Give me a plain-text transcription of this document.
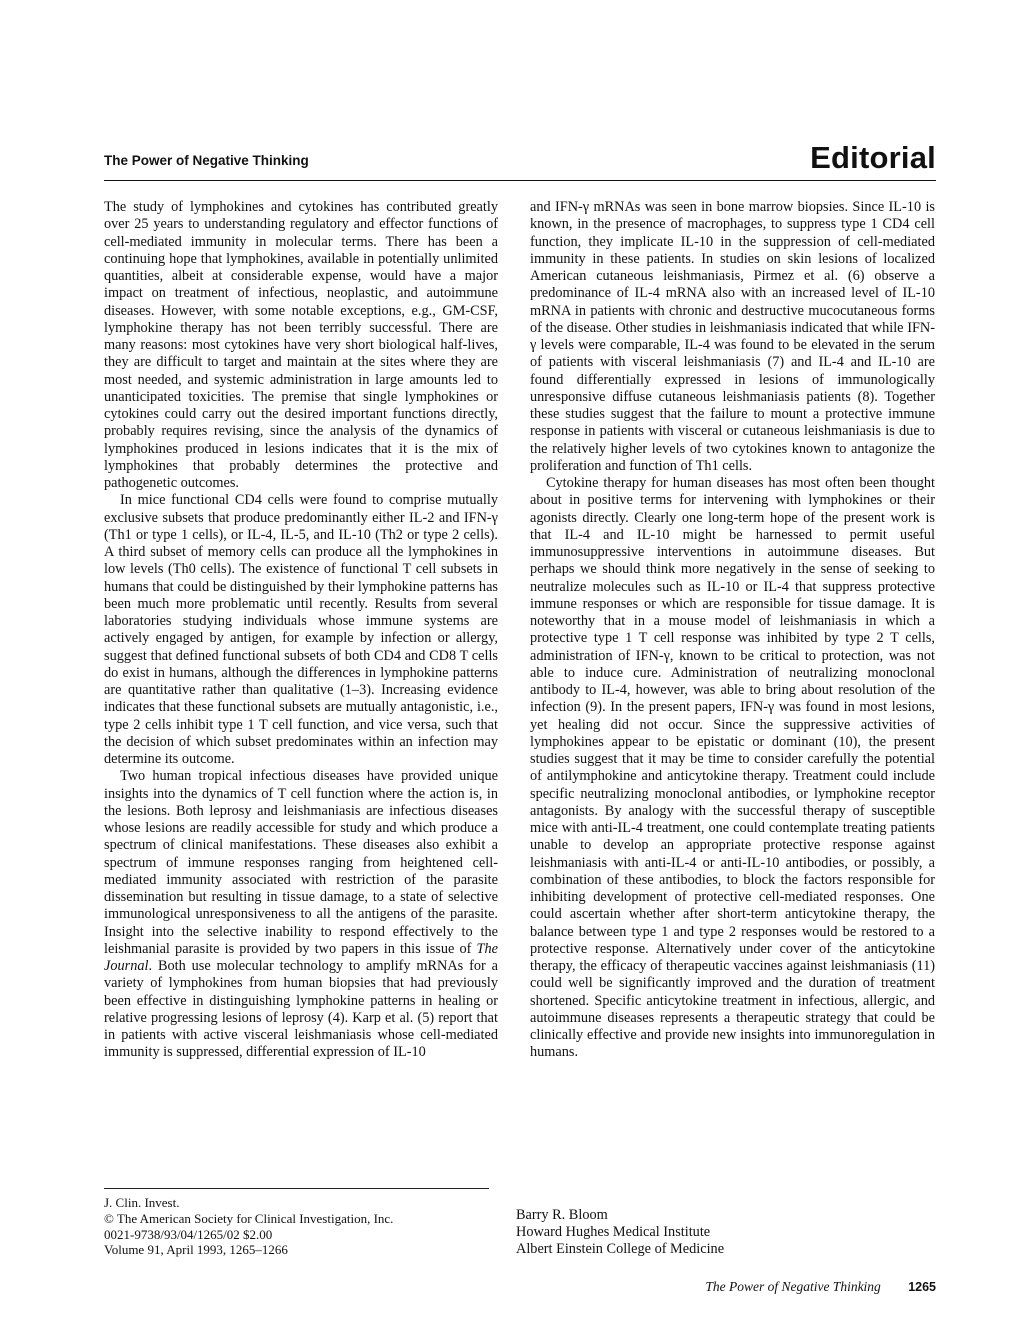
The Power of Negative Thinking	Editorial

The study of lymphokines and cytokines has contributed greatly over 25 years to understanding regulatory and effector functions of cell-mediated immunity in molecular terms. There has been a continuing hope that lymphokines, available in potentially unlimited quantities, albeit at considerable expense, would have a major impact on treatment of infectious, neoplastic, and autoimmune diseases. However, with some notable exceptions, e.g., GM-CSF, lymphokine therapy has not been terribly successful. There are many reasons: most cytokines have very short biological half-lives, they are difficult to target and maintain at the sites where they are most needed, and systemic administration in large amounts led to unanticipated toxicities. The premise that single lymphokines or cytokines could carry out the desired important functions directly, probably requires revising, since the analysis of the dynamics of lymphokines produced in lesions indicates that it is the mix of lymphokines that probably determines the protective and pathogenetic outcomes.

In mice functional CD4 cells were found to comprise mutually exclusive subsets that produce predominantly either IL-2 and IFN-γ (Th1 or type 1 cells), or IL-4, IL-5, and IL-10 (Th2 or type 2 cells). A third subset of memory cells can produce all the lymphokines in low levels (Th0 cells). The existence of functional T cell subsets in humans that could be distinguished by their lymphokine patterns has been much more problematic until recently. Results from several laboratories studying individuals whose immune systems are actively engaged by antigen, for example by infection or allergy, suggest that defined functional subsets of both CD4 and CD8 T cells do exist in humans, although the differences in lymphokine patterns are quantitative rather than qualitative (1–3). Increasing evidence indicates that these functional subsets are mutually antagonistic, i.e., type 2 cells inhibit type 1 T cell function, and vice versa, such that the decision of which subset predominates within an infection may determine its outcome.

Two human tropical infectious diseases have provided unique insights into the dynamics of T cell function where the action is, in the lesions. Both leprosy and leishmaniasis are infectious diseases whose lesions are readily accessible for study and which produce a spectrum of clinical manifestations. These diseases also exhibit a spectrum of immune responses ranging from heightened cell-mediated immunity associated with restriction of the parasite dissemination but resulting in tissue damage, to a state of selective immunological unresponsiveness to all the antigens of the parasite. Insight into the selective inability to respond effectively to the leishmanial parasite is provided by two papers in this issue of The Journal. Both use molecular technology to amplify mRNAs for a variety of lymphokines from human biopsies that had previously been effective in distinguishing lymphokine patterns in healing or relative progressing lesions of leprosy (4). Karp et al. (5) report that in patients with active visceral leishmaniasis whose cell-mediated immunity is suppressed, differential expression of IL-10

and IFN-γ mRNAs was seen in bone marrow biopsies. Since IL-10 is known, in the presence of macrophages, to suppress type 1 CD4 cell function, they implicate IL-10 in the suppression of cell-mediated immunity in these patients. In studies on skin lesions of localized American cutaneous leishmaniasis, Pirmez et al. (6) observe a predominance of IL-4 mRNA also with an increased level of IL-10 mRNA in patients with chronic and destructive mucocutaneous forms of the disease. Other studies in leishmaniasis indicated that while IFN-γ levels were comparable, IL-4 was found to be elevated in the serum of patients with visceral leishmaniasis (7) and IL-4 and IL-10 are found differentially expressed in lesions of immunologically unresponsive diffuse cutaneous leishmaniasis patients (8). Together these studies suggest that the failure to mount a protective immune response in patients with visceral or cutaneous leishmaniasis is due to the relatively higher levels of two cytokines known to antagonize the proliferation and function of Th1 cells.

Cytokine therapy for human diseases has most often been thought about in positive terms for intervening with lymphokines or their agonists directly. Clearly one long-term hope of the present work is that IL-4 and IL-10 might be harnessed to permit useful immunosuppressive interventions in autoimmune diseases. But perhaps we should think more negatively in the sense of seeking to neutralize molecules such as IL-10 or IL-4 that suppress protective immune responses or which are responsible for tissue damage. It is noteworthy that in a mouse model of leishmaniasis in which a protective type 1 T cell response was inhibited by type 2 T cells, administration of IFN-γ, known to be critical to protection, was not able to induce cure. Administration of neutralizing monoclonal antibody to IL-4, however, was able to bring about resolution of the infection (9). In the present papers, IFN-γ was found in most lesions, yet healing did not occur. Since the suppressive activities of lymphokines appear to be epistatic or dominant (10), the present studies suggest that it may be time to consider carefully the potential of antilymphokine and anticytokine therapy. Treatment could include specific neutralizing monoclonal antibodies, or lymphokine receptor antagonists. By analogy with the successful therapy of susceptible mice with anti-IL-4 treatment, one could contemplate treating patients unable to develop an appropriate protective response against leishmaniasis with anti-IL-4 or anti-IL-10 antibodies, or possibly, a combination of these antibodies, to block the factors responsible for inhibiting development of protective cell-mediated responses. One could ascertain whether after short-term anticytokine therapy, the balance between type 1 and type 2 responses would be restored to a protective response. Alternatively under cover of the anticytokine therapy, the efficacy of therapeutic vaccines against leishmaniasis (11) could well be significantly improved and the duration of treatment shortened. Specific anticytokine treatment in infectious, allergic, and autoimmune diseases represents a therapeutic strategy that could be clinically effective and provide new insights into immunoregulation in humans.

J. Clin. Invest.
© The American Society for Clinical Investigation, Inc.
0021-9738/93/04/1265/02 $2.00
Volume 91, April 1993, 1265–1266
Barry R. Bloom
Howard Hughes Medical Institute
Albert Einstein College of Medicine
The Power of Negative Thinking 1265
